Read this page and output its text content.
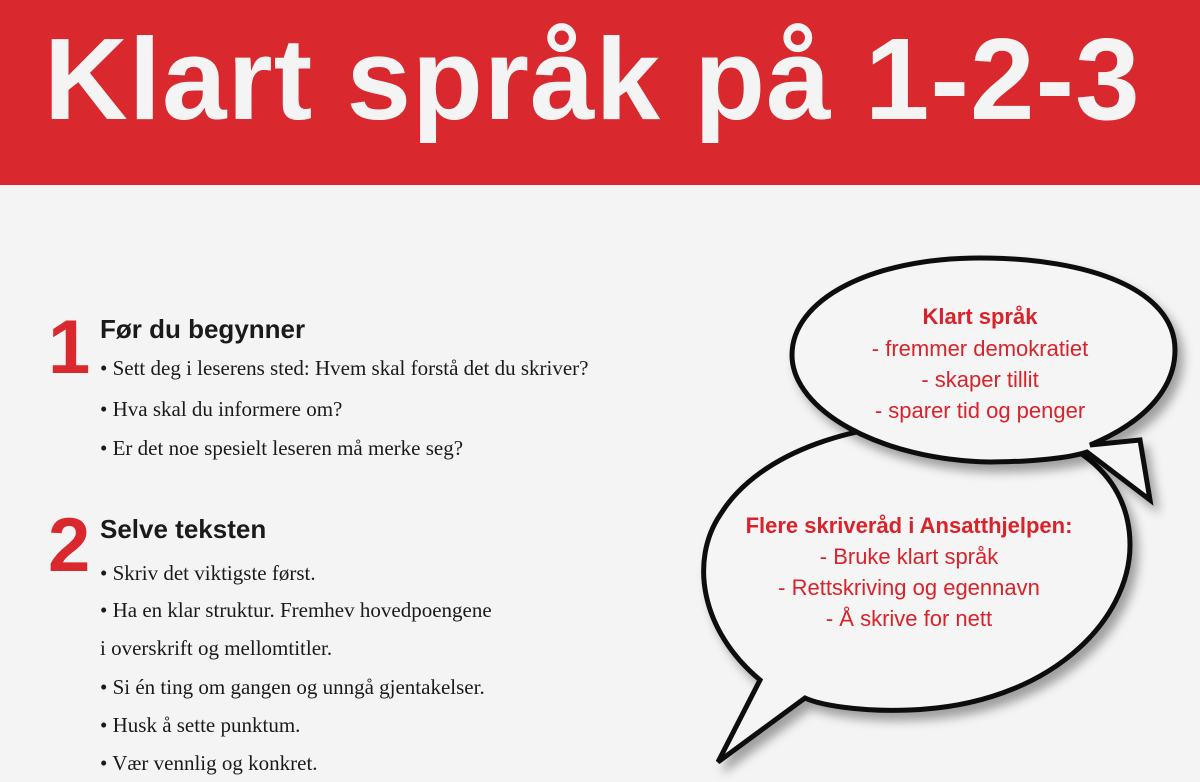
Klart språk på 1-2-3
1 Før du begynner
• Sett deg i leserens sted: Hvem skal forstå det du skriver?
• Hva skal du informere om?
• Er det noe spesielt leseren må merke seg?
2 Selve teksten
• Skriv det viktigste først.
• Ha en klar struktur. Fremhev hovedpoengene
i overskrift og mellomtitler.
• Si én ting om gangen og unngå gjentakelser.
• Husk å sette punktum.
• Vær vennlig og konkret.
Klart språk
- fremmer demokratiet
- skaper tillit
- sparer tid og penger
Flere skriveråd i Ansatthjelpen:
- Bruke klart språk
- Rettskriving og egennavn
- Å skrive for nett
